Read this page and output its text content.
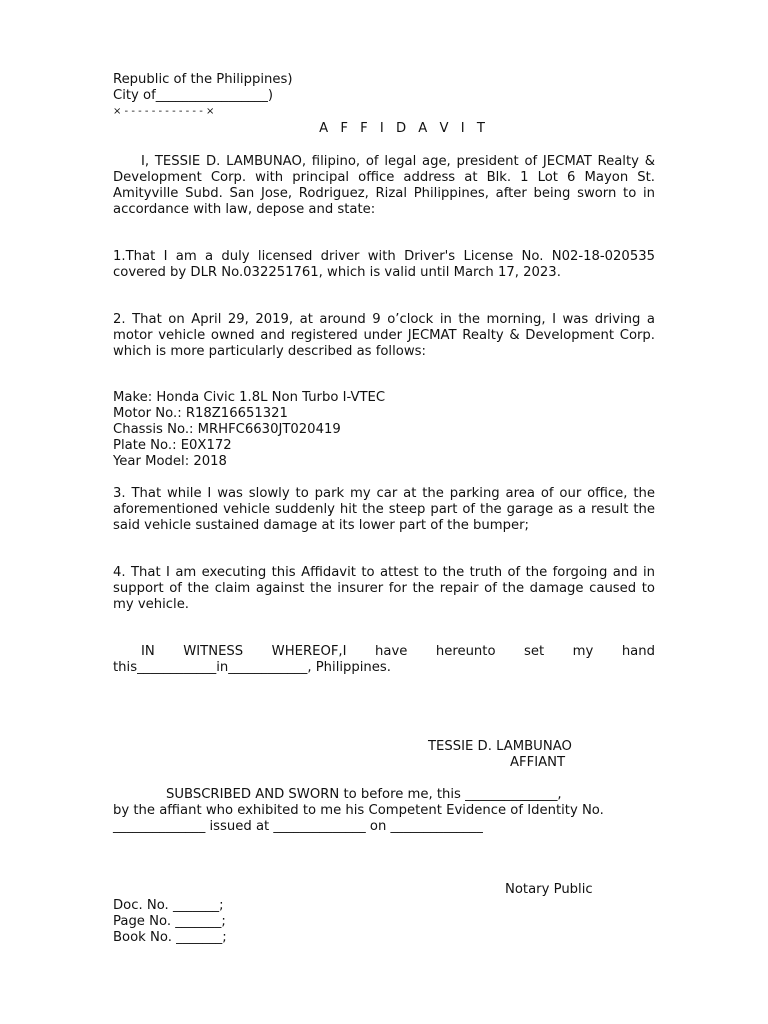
Republic of the Philippines)
City of_________________)
× - - - - - - - - - - - - ×
A F F I D A V I T
I, TESSIE D. LAMBUNAO, filipino, of legal age, president of JECMAT Realty & Development Corp. with principal office address at Blk. 1 Lot 6 Mayon St. Amityville Subd. San Jose, Rodriguez, Rizal Philippines, after being sworn to in accordance with law, depose and state:
1.That I am a duly licensed driver with Driver's License No. N02-18-020535 covered by DLR No.032251761, which is valid until March 17, 2023.
2. That on April 29, 2019, at around 9 o’clock in the morning, I was driving a motor vehicle owned and registered under JECMAT Realty & Development Corp. which is more particularly described as follows:
Make: Honda Civic 1.8L Non Turbo I-VTEC
Motor No.: R18Z16651321
Chassis No.: MRHFC6630JT020419
Plate No.: E0X172
Year Model: 2018
3. That while I was slowly to park my car at the parking area of our office, the aforementioned vehicle suddenly hit the steep part of the garage as a result the said vehicle sustained damage at its lower part of the bumper;
4. That I am executing this Affidavit to attest to the truth of the forgoing and in support of the claim against the insurer for the repair of the damage caused to my vehicle.
IN WITNESS WHEREOF,I have hereunto set my hand
this____________in____________, Philippines.
TESSIE D. LAMBUNAO
AFFIANT
SUBSCRIBED AND SWORN to before me, this ______________,
by the affiant who exhibited to me his Competent Evidence of Identity No.
______________ issued at ______________ on ______________
Notary Public
Doc. No. _______;
Page No. _______;
Book No. _______;
